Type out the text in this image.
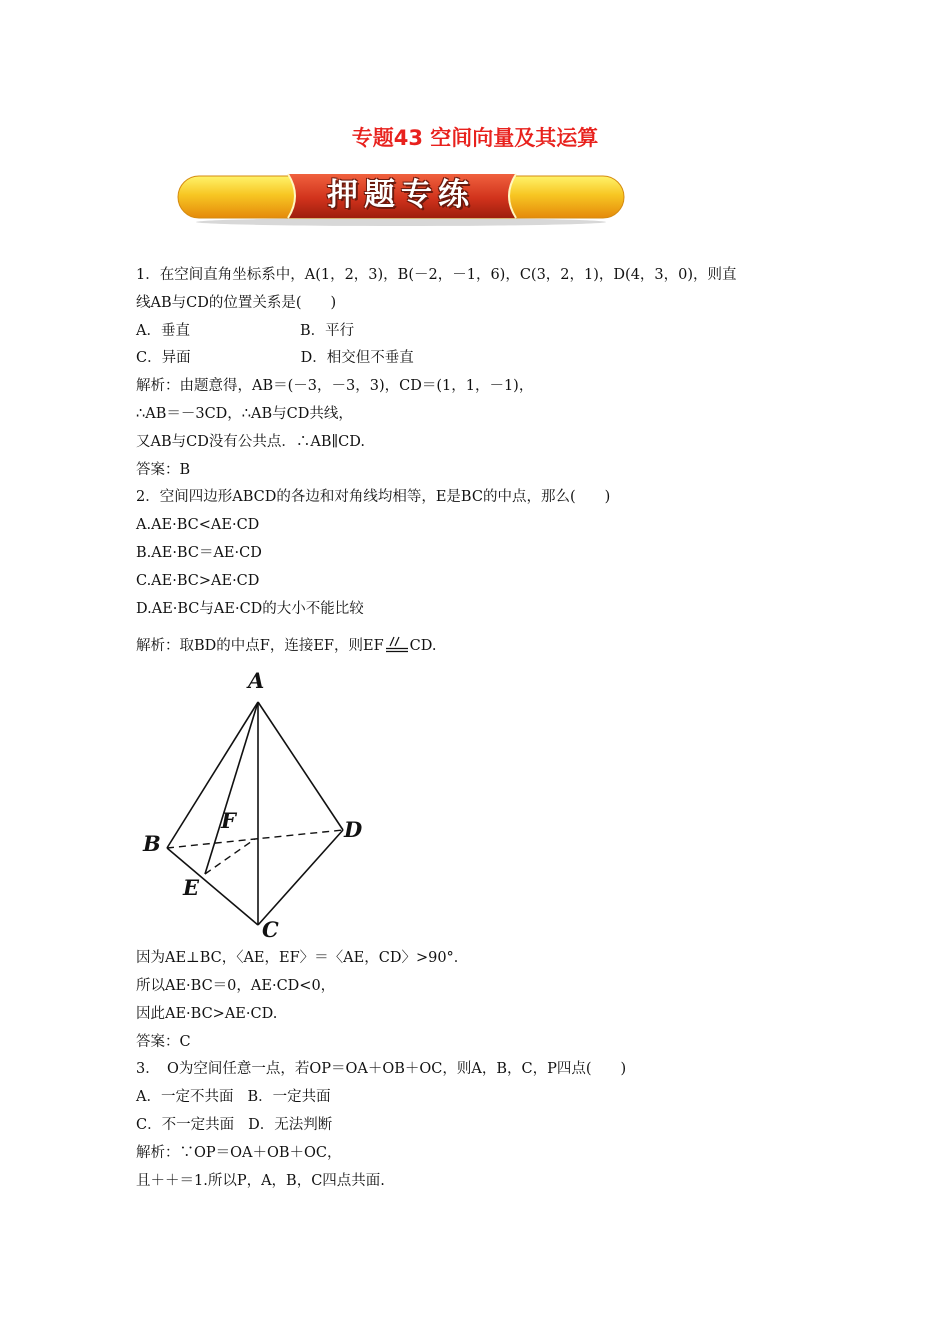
专题43 空间向量及其运算
押题专练
1．在空间直角坐标系中，A(1，2，3)，B(－2，－1，6)，C(3，2，1)，D(4，3，0)，则直
线AB与CD的位置关系是(　　)
A．垂直	B．平行
C．异面	D．相交但不垂直
解析：由题意得，AB＝(－3，－3，3)，CD＝(1，1，－1)，
∴AB＝－3CD，∴AB与CD共线，
又AB与CD没有公共点．∴AB∥CD.
答案：B
2．空间四边形ABCD的各边和对角线均相等，E是BC的中点，那么(　　)
A.AE·BC<AE·CD
B.AE·BC＝AE·CD
C.AE·BC>AE·CD
D.AE·BC与AE·CD的大小不能比较
解析：取BD的中点F，连接EF，则EF CD.
A
B
C
D
E
F
因为AE⊥BC，〈AE，EF〉＝〈AE，CD〉>90°．
所以AE·BC＝0，AE·CD<0，
因此AE·BC>AE·CD.
答案：C
3．　O为空间任意一点，若OP＝OA＋OB＋OC，则A，B，C，P四点(　　)
A．一定不共面 B．一定共面
C．不一定共面 D．无法判断
解析：∵OP＝OA＋OB＋OC，
且＋＋＝1.所以P，A，B，C四点共面.
